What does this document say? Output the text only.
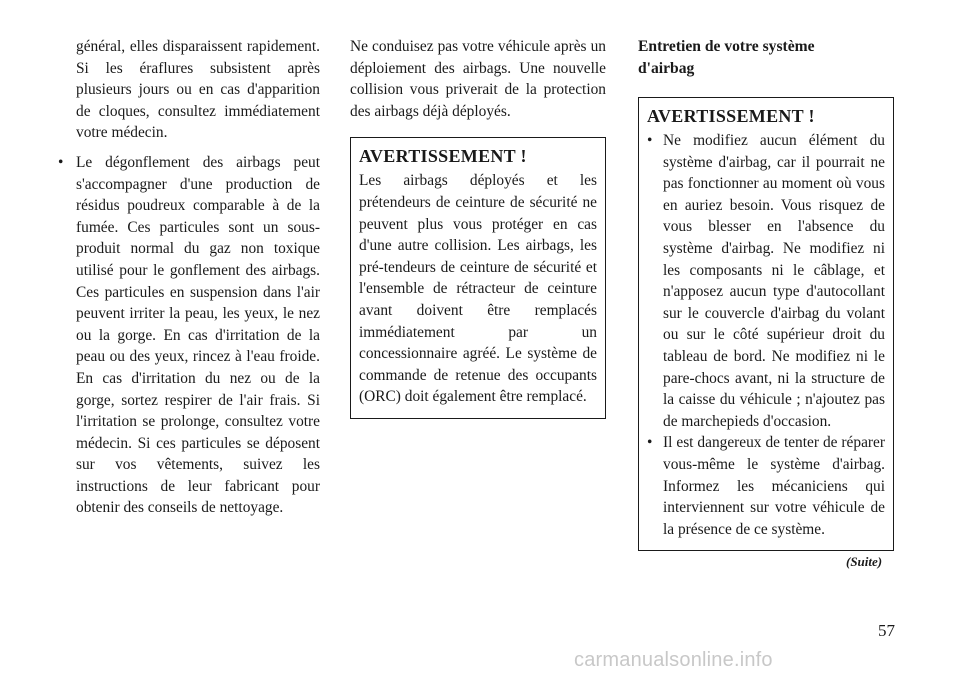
général, elles disparaissent rapidement. Si les éraflures subsistent après plusieurs jours ou en cas d'apparition de cloques, consultez immédiatement votre médecin.

• Le dégonflement des airbags peut s'accompagner d'une production de résidus poudreux comparable à de la fumée. Ces particules sont un sous-produit normal du gaz non toxique utilisé pour le gonflement des airbags. Ces particules en suspension dans l'air peuvent irriter la peau, les yeux, le nez ou la gorge. En cas d'irritation de la peau ou des yeux, rincez à l'eau froide. En cas d'irritation du nez ou de la gorge, sortez respirer de l'air frais. Si l'irritation se prolonge, consultez votre médecin. Si ces particules se déposent sur vos vêtements, suivez les instructions de leur fabricant pour obtenir des conseils de nettoyage.

Ne conduisez pas votre véhicule après un déploiement des airbags. Une nouvelle collision vous priverait de la protection des airbags déjà déployés.

AVERTISSEMENT !

Les airbags déployés et les prétendeurs de ceinture de sécurité ne peuvent plus vous protéger en cas d'une autre collision. Les airbags, les pré-tendeurs de ceinture de sécurité et l'ensemble de rétracteur de ceinture avant doivent être remplacés immédiatement par un concessionnaire agréé. Le système de commande de retenue des occupants (ORC) doit également être remplacé.

Entretien de votre système
d'airbag
AVERTISSEMENT !
• Ne modifiez aucun élément du système d'airbag, car il pourrait ne pas fonctionner au moment où vous en auriez besoin. Vous risquez de vous blesser en l'absence du système d'airbag. Ne modifiez ni les composants ni le câblage, et n'apposez aucun type d'autocollant sur le couvercle d'airbag du volant ou sur le côté supérieur droit du tableau de bord. Ne modifiez ni le pare-chocs avant, ni la structure de la caisse du véhicule ; n'ajoutez pas de marchepieds d'occasion.
• Il est dangereux de tenter de réparer vous-même le système d'airbag. Informez les mécaniciens qui interviennent sur votre véhicule de la présence de ce système.
(Suite)
57
carmanualsonline.info
